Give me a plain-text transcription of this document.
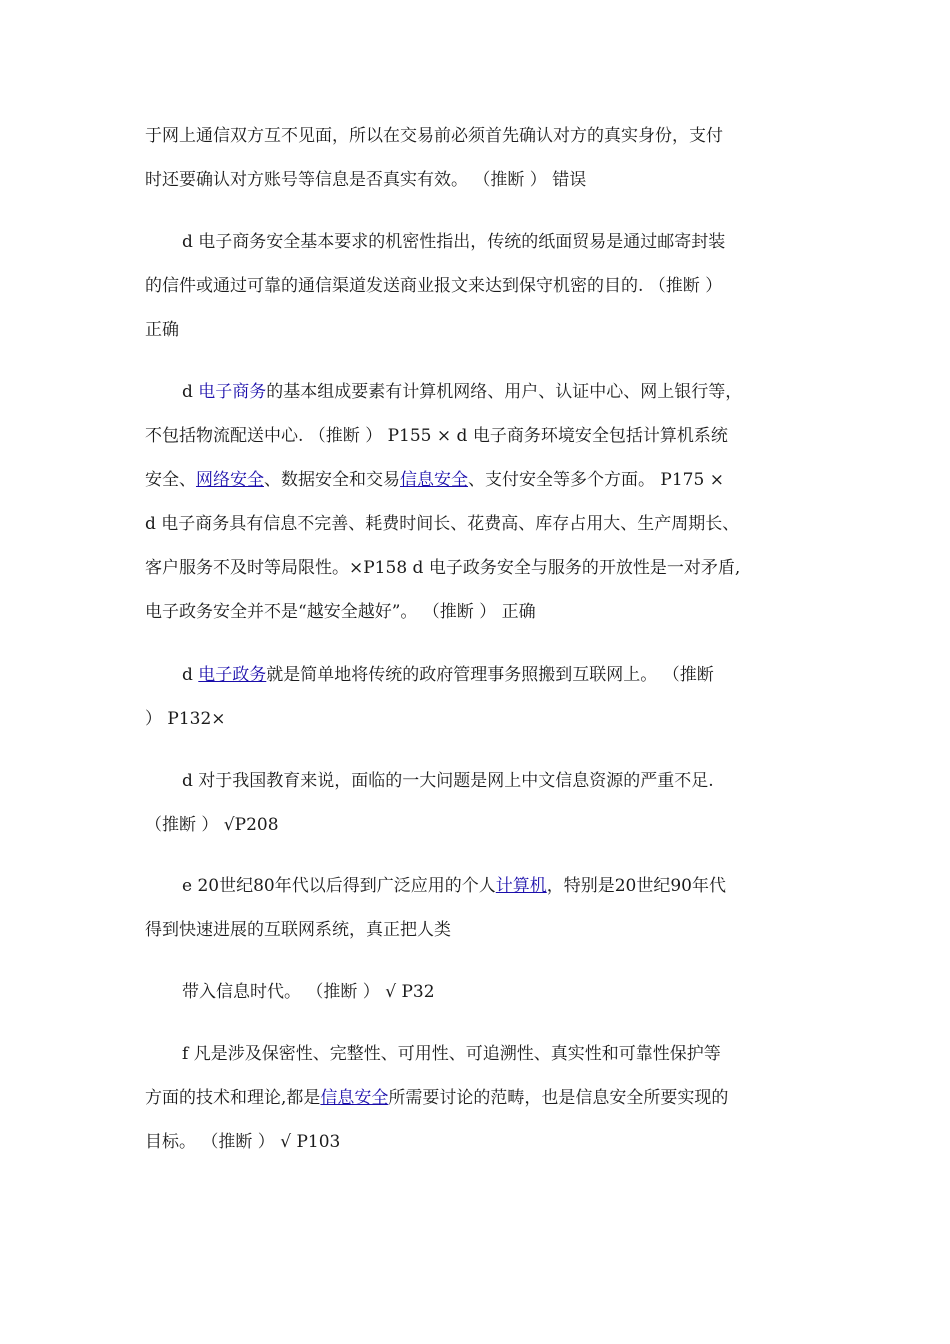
于网上通信双方互不见面，所以在交易前必须首先确认对方的真实身份，支付
时还要确认对方账号等信息是否真实有效。 （推断 ） 错误
d 电子商务安全基本要求的机密性指出，传统的纸面贸易是通过邮寄封装
的信件或通过可靠的通信渠道发送商业报文来达到保守机密的目的. （推断 ）
正确
d 电子商务的基本组成要素有计算机网络、用户、认证中心、网上银行等，
不包括物流配送中心. （推断 ） P155 × d 电子商务环境安全包括计算机系统
安全、网络安全、数据安全和交易信息安全、支付安全等多个方面。 P175 ×
d 电子商务具有信息不完善、耗费时间长、花费高、库存占用大、生产周期长、
客户服务不及时等局限性。×P158 d 电子政务安全与服务的开放性是一对矛盾,
电子政务安全并不是“越安全越好”。 （推断 ） 正确
d 电子政务就是简单地将传统的政府管理事务照搬到互联网上。 （推断
） P132×
d 对于我国教育来说，面临的一大问题是网上中文信息资源的严重不足.
（推断 ） √P208
e 20世纪80年代以后得到广泛应用的个人计算机，特别是20世纪90年代
得到快速进展的互联网系统，真正把人类
带入信息时代。 （推断 ） √ P32
f 凡是涉及保密性、完整性、可用性、可追溯性、真实性和可靠性保护等
方面的技术和理论,都是信息安全所需要讨论的范畴，也是信息安全所要实现的
目标。 （推断 ） √ P103
